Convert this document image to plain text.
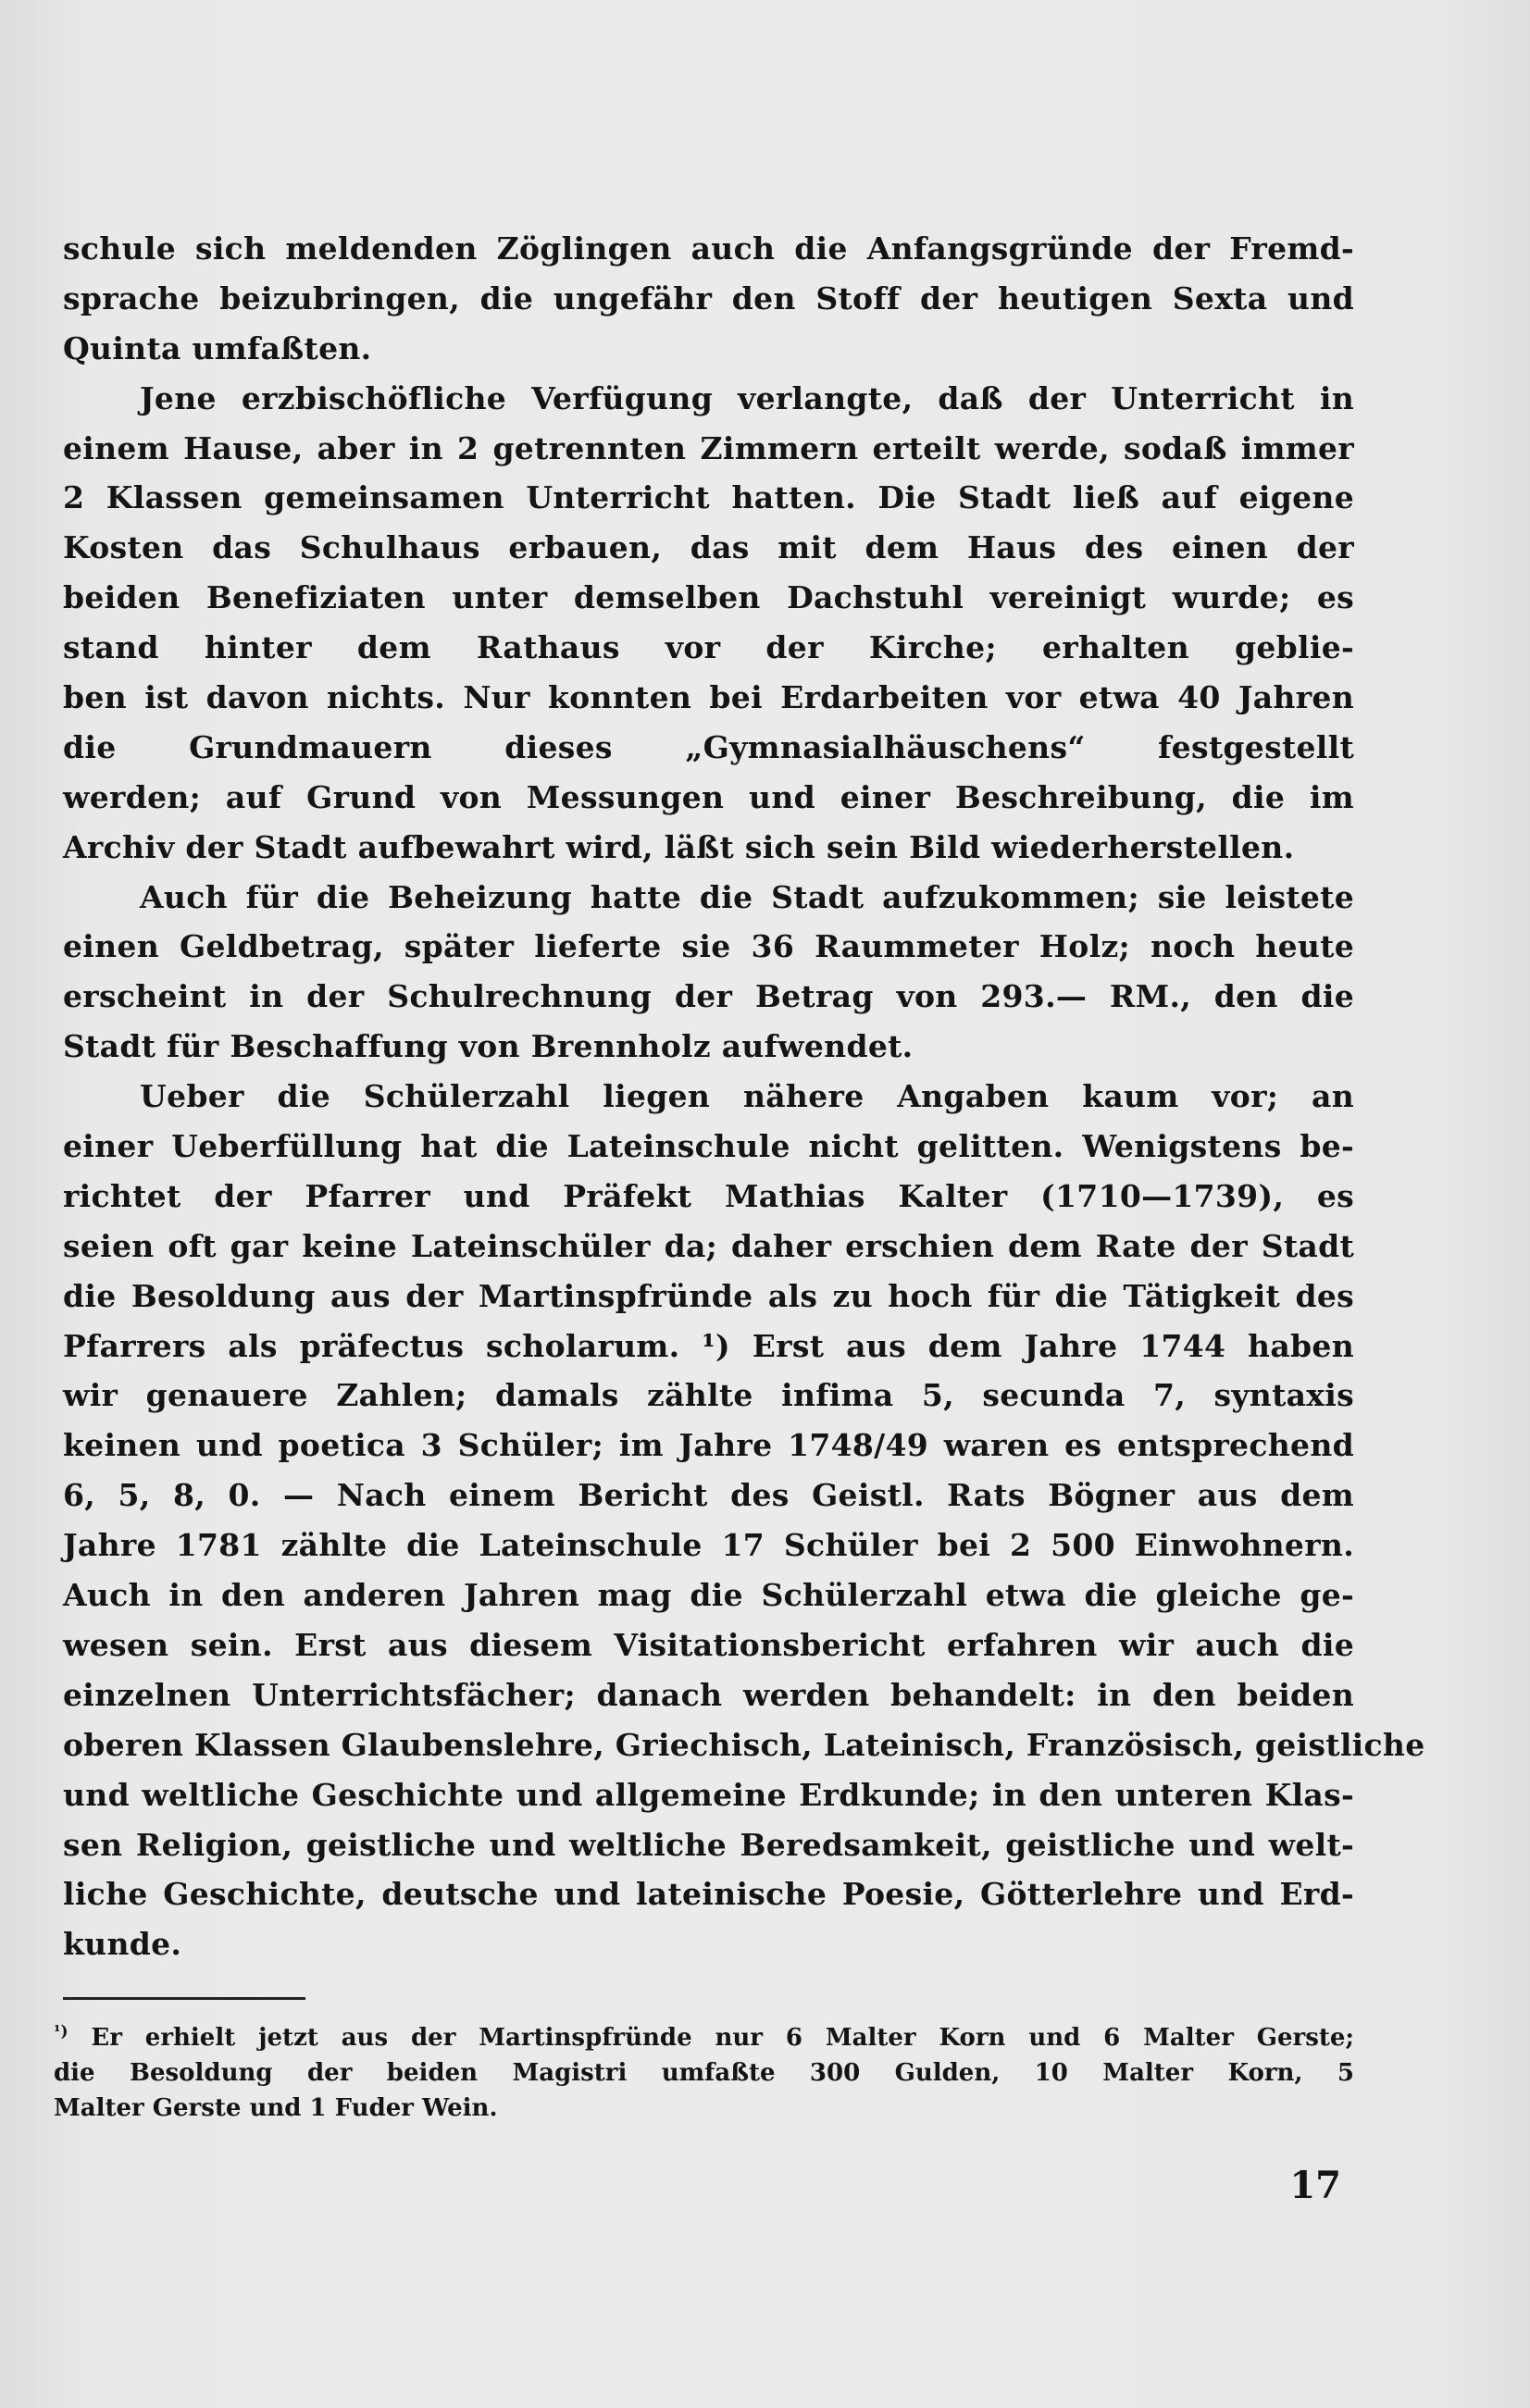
schule sich meldenden Zöglingen auch die Anfangsgründe der Fremd-
sprache beizubringen, die ungefähr den Stoff der heutigen Sexta und
Quinta umfaßten.
Jene erzbischöfliche Verfügung verlangte, daß der Unterricht in
einem Hause, aber in 2 getrennten Zimmern erteilt werde, sodaß immer
2 Klassen gemeinsamen Unterricht hatten. Die Stadt ließ auf eigene
Kosten das Schulhaus erbauen, das mit dem Haus des einen der
beiden Benefiziaten unter demselben Dachstuhl vereinigt wurde; es
stand hinter dem Rathaus vor der Kirche; erhalten geblie-
ben ist davon nichts. Nur konnten bei Erdarbeiten vor etwa 40 Jahren
die Grundmauern dieses „Gymnasialhäuschens“ festgestellt
werden; auf Grund von Messungen und einer Beschreibung, die im
Archiv der Stadt aufbewahrt wird, läßt sich sein Bild wiederherstellen.
Auch für die Beheizung hatte die Stadt aufzukommen; sie leistete
einen Geldbetrag, später lieferte sie 36 Raummeter Holz; noch heute
erscheint in der Schulrechnung der Betrag von 293.— RM., den die
Stadt für Beschaffung von Brennholz aufwendet.
Ueber die Schülerzahl liegen nähere Angaben kaum vor; an
einer Ueberfüllung hat die Lateinschule nicht gelitten. Wenigstens be-
richtet der Pfarrer und Präfekt Mathias Kalter (1710—1739), es
seien oft gar keine Lateinschüler da; daher erschien dem Rate der Stadt
die Besoldung aus der Martinspfründe als zu hoch für die Tätigkeit des
Pfarrers als präfectus scholarum. ¹) Erst aus dem Jahre 1744 haben
wir genauere Zahlen; damals zählte infima 5, secunda 7, syntaxis
keinen und poetica 3 Schüler; im Jahre 1748/49 waren es entsprechend
6, 5, 8, 0. — Nach einem Bericht des Geistl. Rats Bögner aus dem
Jahre 1781 zählte die Lateinschule 17 Schüler bei 2 500 Einwohnern.
Auch in den anderen Jahren mag die Schülerzahl etwa die gleiche ge-
wesen sein. Erst aus diesem Visitationsbericht erfahren wir auch die
einzelnen Unterrichtsfächer; danach werden behandelt: in den beiden
oberen Klassen Glaubenslehre, Griechisch, Lateinisch, Französisch, geistliche
und weltliche Geschichte und allgemeine Erdkunde; in den unteren Klas-
sen Religion, geistliche und weltliche Beredsamkeit, geistliche und welt-
liche Geschichte, deutsche und lateinische Poesie, Götterlehre und Erd-
kunde.
$^{^1)}$ Er erhielt jetzt aus der Martinspfründe nur 6 Malter Korn und 6 Malter Gerste;
die Besoldung der beiden Magistri umfaßte 300 Gulden, 10 Malter Korn, 5
Malter Gerste und 1 Fuder Wein.
17
